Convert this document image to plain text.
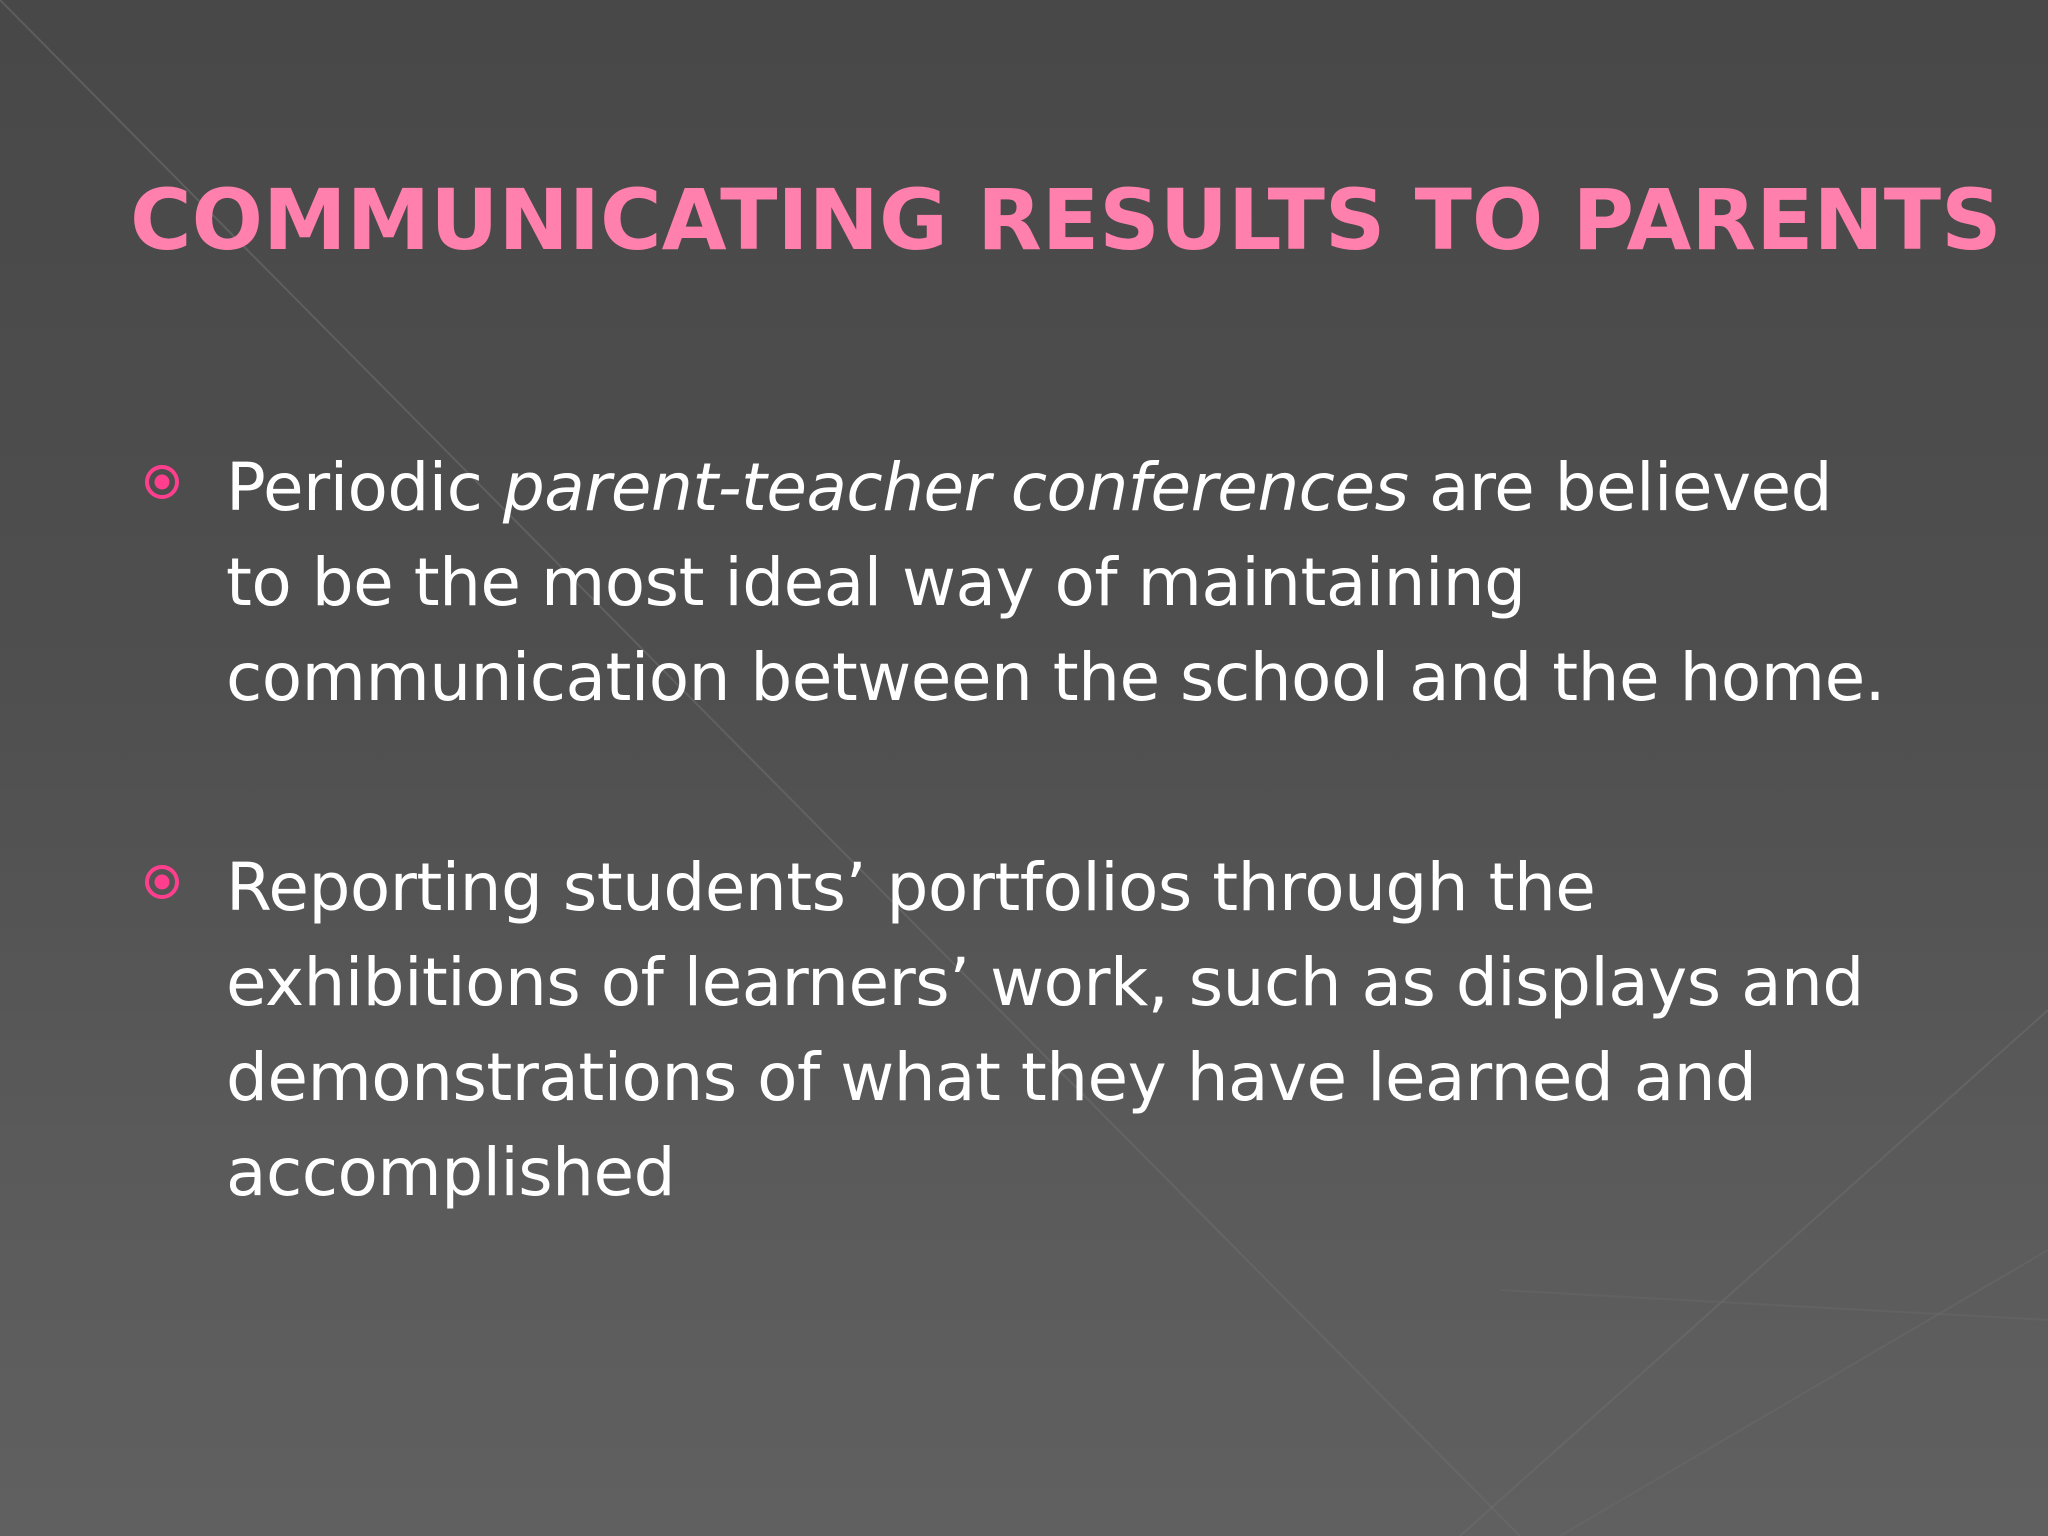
COMMUNICATING RESULTS TO PARENTS
Periodic parent-teacher conferences are believed to be the most ideal way of maintaining communication between the school and the home.
Reporting students’ portfolios through the exhibitions of learners’ work, such as displays and demonstrations of what they have learned and accomplished
